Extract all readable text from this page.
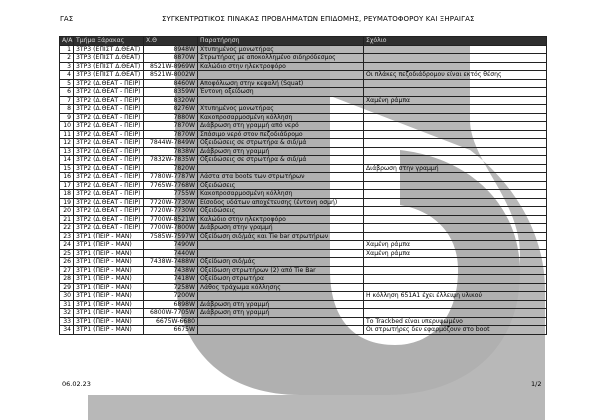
ΓΑΣ	ΣΥΓΚΕΝΤΡΩΤΙΚΟΣ ΠΙΝΑΚΑΣ ΠΡΟΒΛΗΜΑΤΩΝ ΕΠΙΔΟΜΗΣ, ΡΕΥΜΑΤΟΦΟΡΟΥ ΚΑΙ ΞΗΡΑΙΓΑΣ
Α/Α	Τμήμα Ξάρακας	Χ.Θ	Παρατήρηση	Σχόλιο
1	3ΤΡ3 (ΕΠΙΣΤ Δ.ΘΕΑΤ)	8948W	Χτυπημένος μονωτήρας	
2	3ΤΡ3 (ΕΠΙΣΤ Δ.ΘΕΑΤ)	8870W	Στρωτήρας με αποκολλημένο σιδηρόδεσμος	
3	3ΤΡ3 (ΕΠΙΣΤ Δ.ΘΕΑΤ)	8521W-8969W	Καλώδιο στην ηλεκτροφόρο	
4	3ΤΡ3 (ΕΠΙΣΤ Δ.ΘΕΑΤ)	8521W-8002W		Οι πλάκες πεζοδιάδρομου είναι εκτός θέσης
5	3ΤΡ2 (Δ.ΘΕΑΤ - ΠΕΙΡ)	8460W	Αποφόλιωση στην κεφαλή (Squat)	
6	3ΤΡ2 (Δ.ΘΕΑΤ - ΠΕΙΡ)	8359W	Έντονη οξείδωση	
7	3ΤΡ2 (Δ.ΘΕΑΤ - ΠΕΙΡ)	8320W		Χαμένη ράμπα
8	3ΤΡ2 (Δ.ΘΕΑΤ - ΠΕΙΡ)	8276W	Χτυπημένος μονωτήρας	
9	3ΤΡ2 (Δ.ΘΕΑΤ - ΠΕΙΡ)	7880W	Κακοπροσαρμοσμένη κόλληση	
10	3ΤΡ2 (Δ.ΘΕΑΤ - ΠΕΙΡ)	7870W	Διάβρωση στη γραμμή από νερό	
11	3ΤΡ2 (Δ.ΘΕΑΤ - ΠΕΙΡ)	7870W	Σπάσιμο νερό στον πεζοδιάδρομο	
12	3ΤΡ2 (Δ.ΘΕΑΤ - ΠΕΙΡ)	7844W-7849W	Οξειδώσεις σε στρωτήρα & σιδ/μά	
13	3ΤΡ2 (Δ.ΘΕΑΤ - ΠΕΙΡ)	7838W	Διάβρωση στη γραμμή	
14	3ΤΡ2 (Δ.ΘΕΑΤ - ΠΕΙΡ)	7832W-7835W	Οξειδώσεις σε στρωτήρα & σιδ/μά	
15	3ΤΡ2 (Δ.ΘΕΑΤ - ΠΕΙΡ)	7820W		Διάβρωση στην γραμμή
16	3ΤΡ2 (Δ.ΘΕΑΤ - ΠΕΙΡ)	7780W-7787W	Λάστα στα boots των στρωτήρων	
17	3ΤΡ2 (Δ.ΘΕΑΤ - ΠΕΙΡ)	7765W-7768W	Οξειδώσεις	
18	3ΤΡ2 (Δ.ΘΕΑΤ - ΠΕΙΡ)	7755W	Κακοπροσαρμοσμένη κόλληση	
19	3ΤΡ2 (Δ.ΘΕΑΤ - ΠΕΙΡ)	7720W-7730W	Είσοδος υδάτων αποχέτευσης (έντονη οσμή)	
20	3ΤΡ2 (Δ.ΘΕΑΤ - ΠΕΙΡ)	7720W-7730W	Οξειδώσεις	
21	3ΤΡ2 (Δ.ΘΕΑΤ - ΠΕΙΡ)	7700W-8521W	Καλώδιο στην ηλεκτροφόρο	
22	3ΤΡ2 (Δ.ΘΕΑΤ - ΠΕΙΡ)	7700W-7800W	Διάβρωση στην γραμμή	
23	3ΤΡ1 (ΠΕΙΡ - ΜΑΝ)	7585W-7597W	Οξείδωση σιδ/μάς και Tie bar στρωτήρων	
24	3ΤΡ1 (ΠΕΙΡ - ΜΑΝ)	7490W		Χαμένη ράμπα
25	3ΤΡ1 (ΠΕΙΡ - ΜΑΝ)	7440W		Χαμένη ράμπα
26	3ΤΡ1 (ΠΕΙΡ - ΜΑΝ)	7438W-7488W	Οξείδωση σιδ/μάς	
27	3ΤΡ1 (ΠΕΙΡ - ΜΑΝ)	7438W	Οξείδωση στρωτήρων (2) από Tie Bar	
28	3ΤΡ1 (ΠΕΙΡ - ΜΑΝ)	7418W	Οξείδωση στρωτήρα	
29	3ΤΡ1 (ΠΕΙΡ - ΜΑΝ)	7258W	Λάθος τράχωμα κόλλησης	
30	3ΤΡ1 (ΠΕΙΡ - ΜΑΝ)	7200W		Η κόλληση 651Α1 έχει έλλειψη υλικού
31	3ΤΡ1 (ΠΕΙΡ - ΜΑΝ)	6898W	Διάβρωση στη γραμμή	
32	3ΤΡ1 (ΠΕΙΡ - ΜΑΝ)	6800W-7705W	Διάβρωση στη γραμμή	
33	3ΤΡ1 (ΠΕΙΡ - ΜΑΝ)	6675W-6680		Το Trackbed είναι υπερυψωμένο
34	3ΤΡ1 (ΠΕΙΡ - ΜΑΝ)	6675W		Οι στρωτήρες δεν εφαρμόζουν στο boot
06.02.23	1/2
